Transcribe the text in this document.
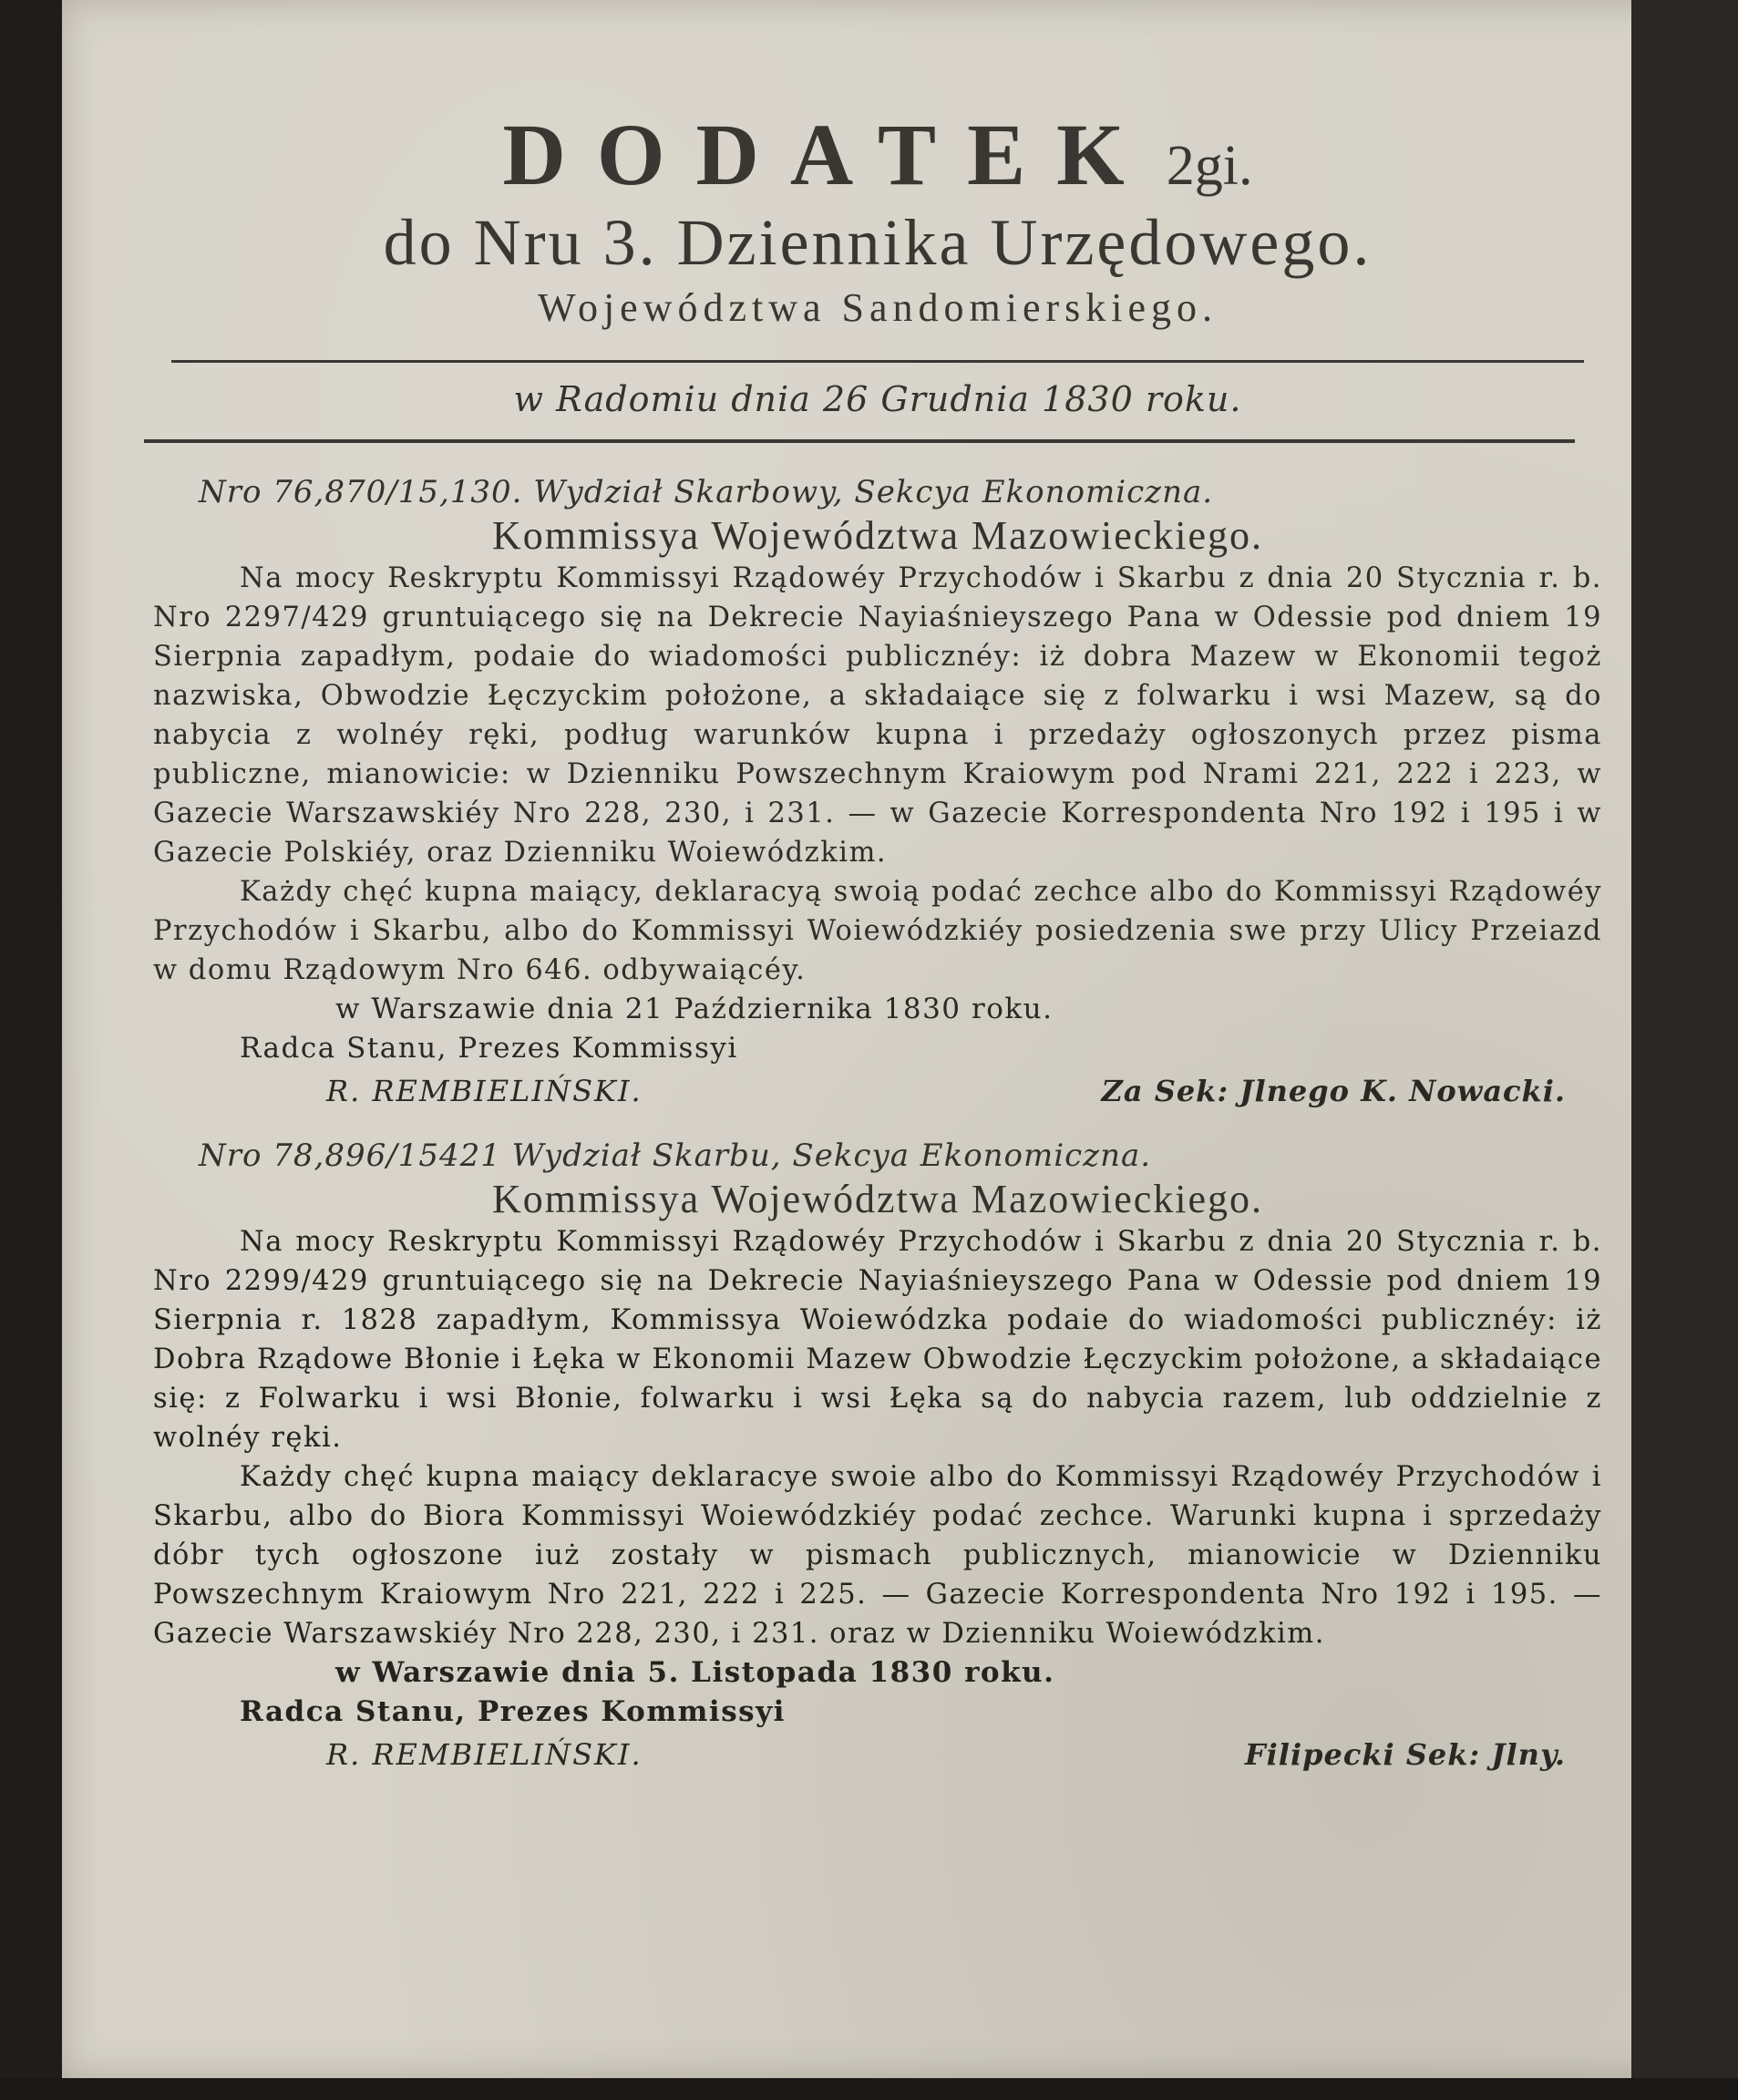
DODATEK 2gi.
do Nru 3. Dziennika Urzędowego.
Województwa Sandomierskiego.
w Radomiu dnia 26 Grudnia 1830 roku.
Nro 76,870/15,130. Wydział Skarbowy, Sekcya Ekonomiczna.
Kommissya Województwa Mazowieckiego.

Na mocy Reskryptu Kommissyi Rządowéy Przychodów i Skarbu z dnia 20 Stycznia r. b. Nro 2297/429 gruntuiącego się na Dekrecie Nayiaśnieyszego Pana w Odessie pod dniem 19 Sierpnia zapadłym, podaie do wiadomości publicznéy: iż dobra Mazew w Ekonomii tegoż nazwiska, Obwodzie Łęczyckim położone, a składaiące się z folwarku i wsi Mazew, są do nabycia z wolnéy ręki, podług warunków kupna i przedaży ogłoszonych przez pisma publiczne, mianowicie: w Dzienniku Powszechnym Kraiowym pod Nrami 221, 222 i 223, w Gazecie Warszawskiéy Nro 228, 230, i 231. — w Gazecie Korrespondenta Nro 192 i 195 i w Gazecie Polskiéy, oraz Dzienniku Woiewódzkim.

Każdy chęć kupna maiący, deklaracyą swoią podać zechce albo do Kommissyi Rządowéy Przychodów i Skarbu, albo do Kommissyi Woiewódzkiéy posiedzenia swe przy Ulicy Przeiazd w domu Rządowym Nro 646. odbywaiącéy.

w Warszawie dnia 21 Października 1830 roku.
Radca Stanu, Prezes Kommissyi
R. REMBIELIŃSKI.	Za Sek: Jlnego K. Nowacki.
Nro 78,896/15421 Wydział Skarbu, Sekcya Ekonomiczna.
Kommissya Województwa Mazowieckiego.

Na mocy Reskryptu Kommissyi Rządowéy Przychodów i Skarbu z dnia 20 Stycznia r. b. Nro 2299/429 gruntuiącego się na Dekrecie Nayiaśnieyszego Pana w Odessie pod dniem 19 Sierpnia r. 1828 zapadłym, Kommissya Woiewódzka podaie do wiadomości publicznéy: iż Dobra Rządowe Błonie i Łęka w Ekonomii Mazew Obwodzie Łęczyckim położone, a składaiące się: z Folwarku i wsi Błonie, folwarku i wsi Łęka są do nabycia razem, lub oddzielnie z wolnéy ręki.

Każdy chęć kupna maiący deklaracye swoie albo do Kommissyi Rządowéy Przychodów i Skarbu, albo do Biora Kommissyi Woiewódzkiéy podać zechce. Warunki kupna i sprzedaży dóbr tych ogłoszone iuż zostały w pismach publicznych, mianowicie w Dzienniku Powszechnym Kraiowym Nro 221, 222 i 225. — Gazecie Korrespondenta Nro 192 i 195. — Gazecie Warszawskiéy Nro 228, 230, i 231. oraz w Dzienniku Woiewódzkim.

w Warszawie dnia 5. Listopada 1830 roku.
Radca Stanu, Prezes Kommissyi
R. REMBIELIŃSKI.	Filipecki Sek: Jlny.
